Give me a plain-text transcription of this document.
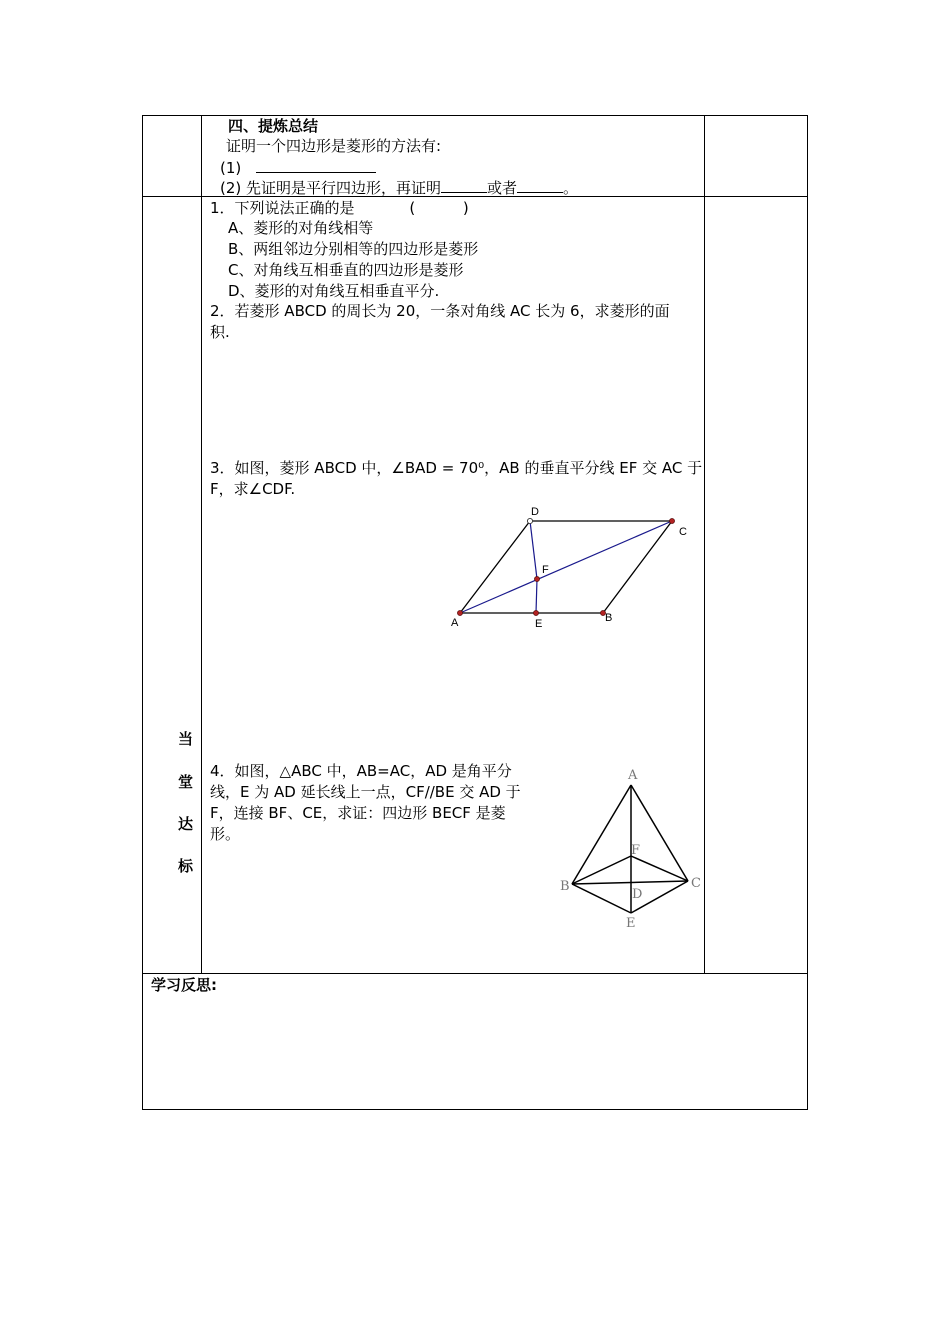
四、提炼总结
证明一个四边形是菱形的方法有:
(1)
(2) 先证明是平行四边形，再证明	或者	。
当
堂
达
标
1．下列说法正确的是	(          )
A、菱形的对角线相等
B、两组邻边分别相等的四边形是菱形
C、对角线互相垂直的四边形是菱形
D、菱形的对角线互相垂直平分.
2．若菱形 ABCD 的周长为 20，一条对角线 AC 长为 6，求菱形的面
积.
3．如图，菱形 ABCD 中，∠BAD = 70⁰，AB 的垂直平分线 EF 交 AC 于
F，求∠CDF.
A	B
C
D
E
F
4．如图，△ABC 中，AB=AC，AD 是角平分
线，E 为 AD 延长线上一点，CF//BE 交 AD 于
F，连接 BF、CE，求证：四边形 BECF 是菱
形。
A
B	C
D
E
F
学习反思:
